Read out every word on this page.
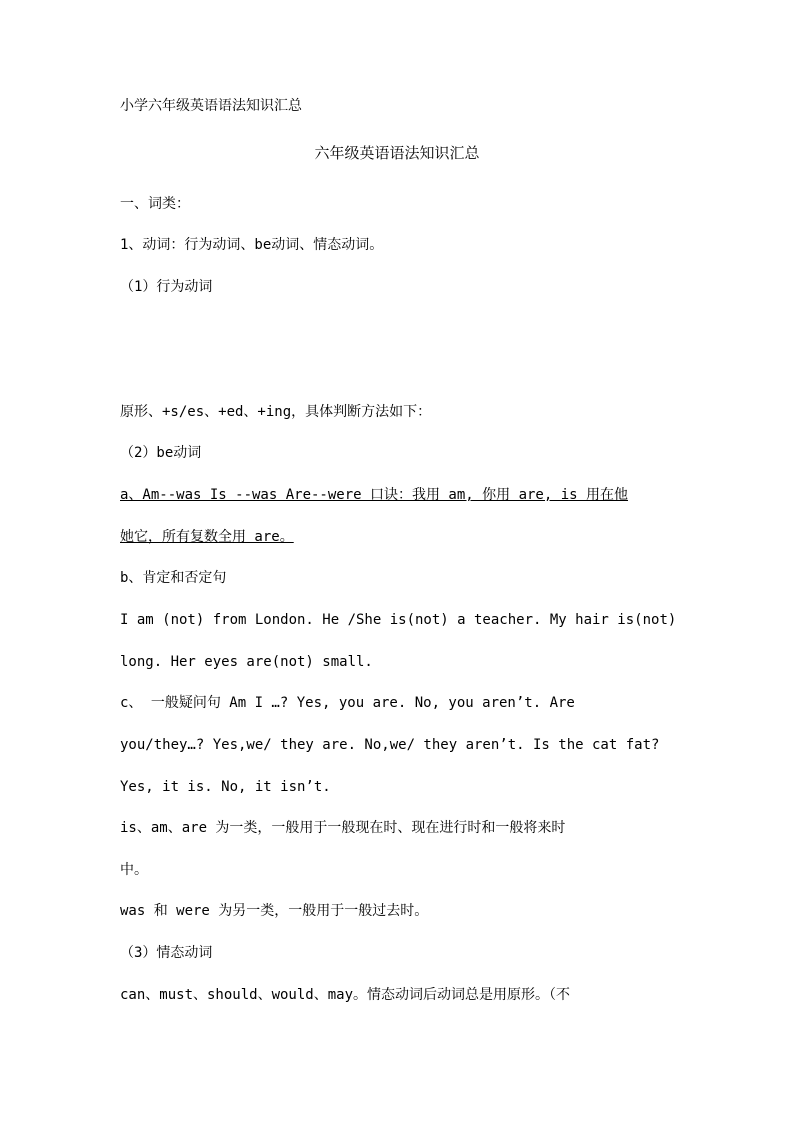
小学六年级英语语法知识汇总
六年级英语语法知识汇总
一、词类：
1、动词：行为动词、be动词、情态动词。
（1）行为动词
原形、+s/es、+ed、+ing，具体判断方法如下：
（2）be动词
a、Am--was Is --was Are--were 口诀：我用 am, 你用 are, is 用在他
她它，所有复数全用 are。
b、肯定和否定句
I am (not) from London. He /She is(not) a teacher. My hair is(not)
long. Her eyes are(not) small.
c、 一般疑问句 Am I …? Yes, you are. No, you aren’t. Are
you/they…? Yes,we/ they are. No,we/ they aren’t. Is the cat fat?
Yes, it is. No, it isn’t.
is、am、are 为一类，一般用于一般现在时、现在进行时和一般将来时
中。
was 和 were 为另一类，一般用于一般过去时。
（3）情态动词
can、must、should、would、may。情态动词后动词总是用原形。（不
